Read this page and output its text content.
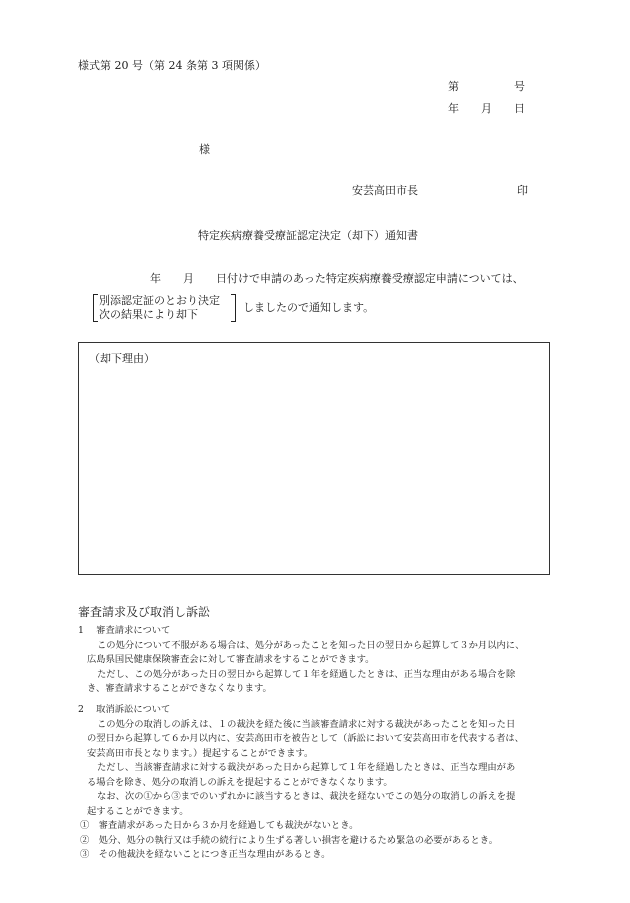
様式第 20 号（第 24 条第 3 項関係）
第　　　　　号
年　　月　　日
様
安芸高田市長	印
特定疾病療養受療証認定決定（却下）通知書
年　　月　　日付けで申請のあった特定疾病療養受療認定申請については、
別添認定証のとおり決定
次の結果により却下
しましたので通知します。
（却下理由）
審査請求及び取消し訴訟
1　 審査請求について
この処分について不服がある場合は、処分があったことを知った日の翌日から起算して３か月以内に、
広島県国民健康保険審査会に対して審査請求をすることができます。
ただし、この処分があった日の翌日から起算して１年を経過したときは、正当な理由がある場合を除
き、審査請求することができなくなります。
2　 取消訴訟について
この処分の取消しの訴えは、１の裁決を経た後に当該審査請求に対する裁決があったことを知った日
の翌日から起算して６か月以内に、安芸高田市を被告として（訴訟において安芸高田市を代表する者は、
安芸高田市長となります。）提起することができます。
ただし、当該審査請求に対する裁決があった日から起算して１年を経過したときは、正当な理由があ
る場合を除き、処分の取消しの訴えを提起することができなくなります。
なお、次の①から③までのいずれかに該当するときは、裁決を経ないでこの処分の取消しの訴えを提
起することができます。
①　審査請求があった日から３か月を経過しても裁決がないとき。
②　処分、処分の執行又は手続の続行により生ずる著しい損害を避けるため緊急の必要があるとき。
③　その他裁決を経ないことにつき正当な理由があるとき。
